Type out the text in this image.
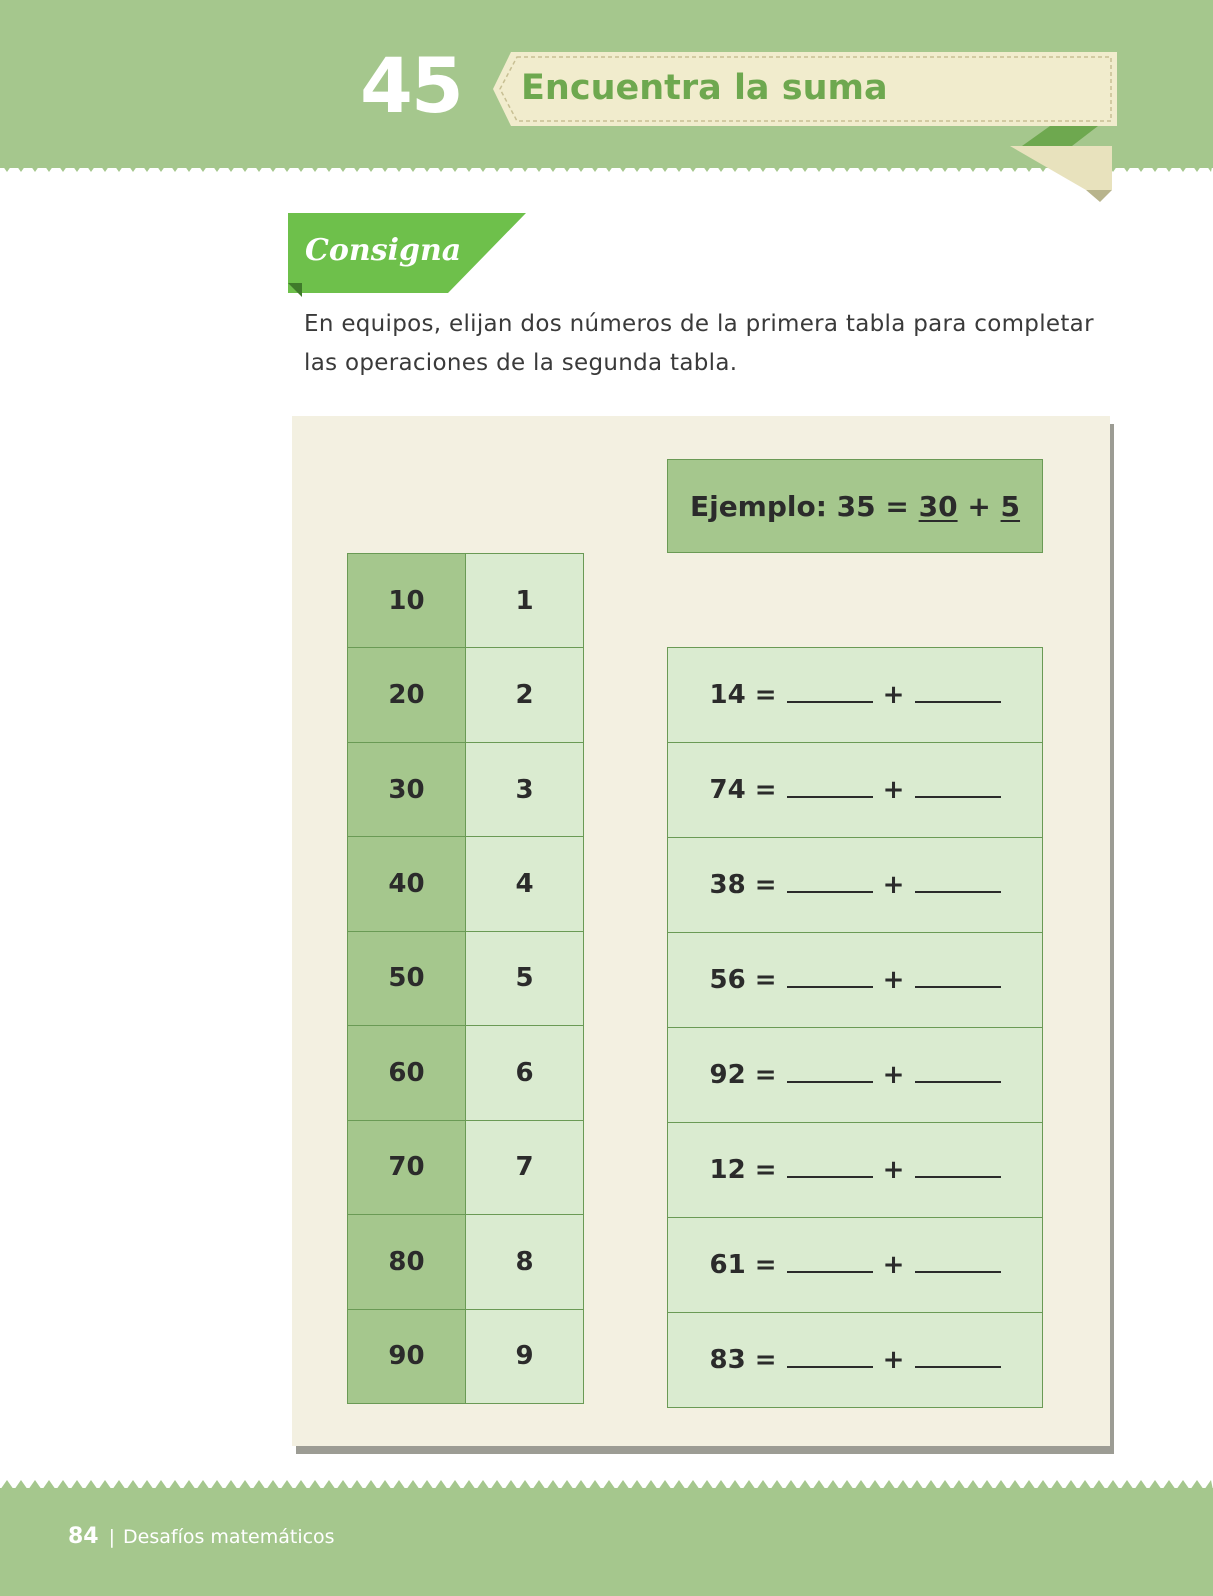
45 Encuentra la suma
Consigna
En equipos, elijan dos números de la primera tabla para completar las operaciones de la segunda tabla.
Ejemplo: 35 = 30 + 5
10	1
20	2
30	3
40	4
50	5
60	6
70	7
80	8
90	9
14 =	+

74 =	+

38 =	+

56 =	+

92 =	+

12 =	+

61 =	+

83 =	+
84 | Desafíos matemáticos
